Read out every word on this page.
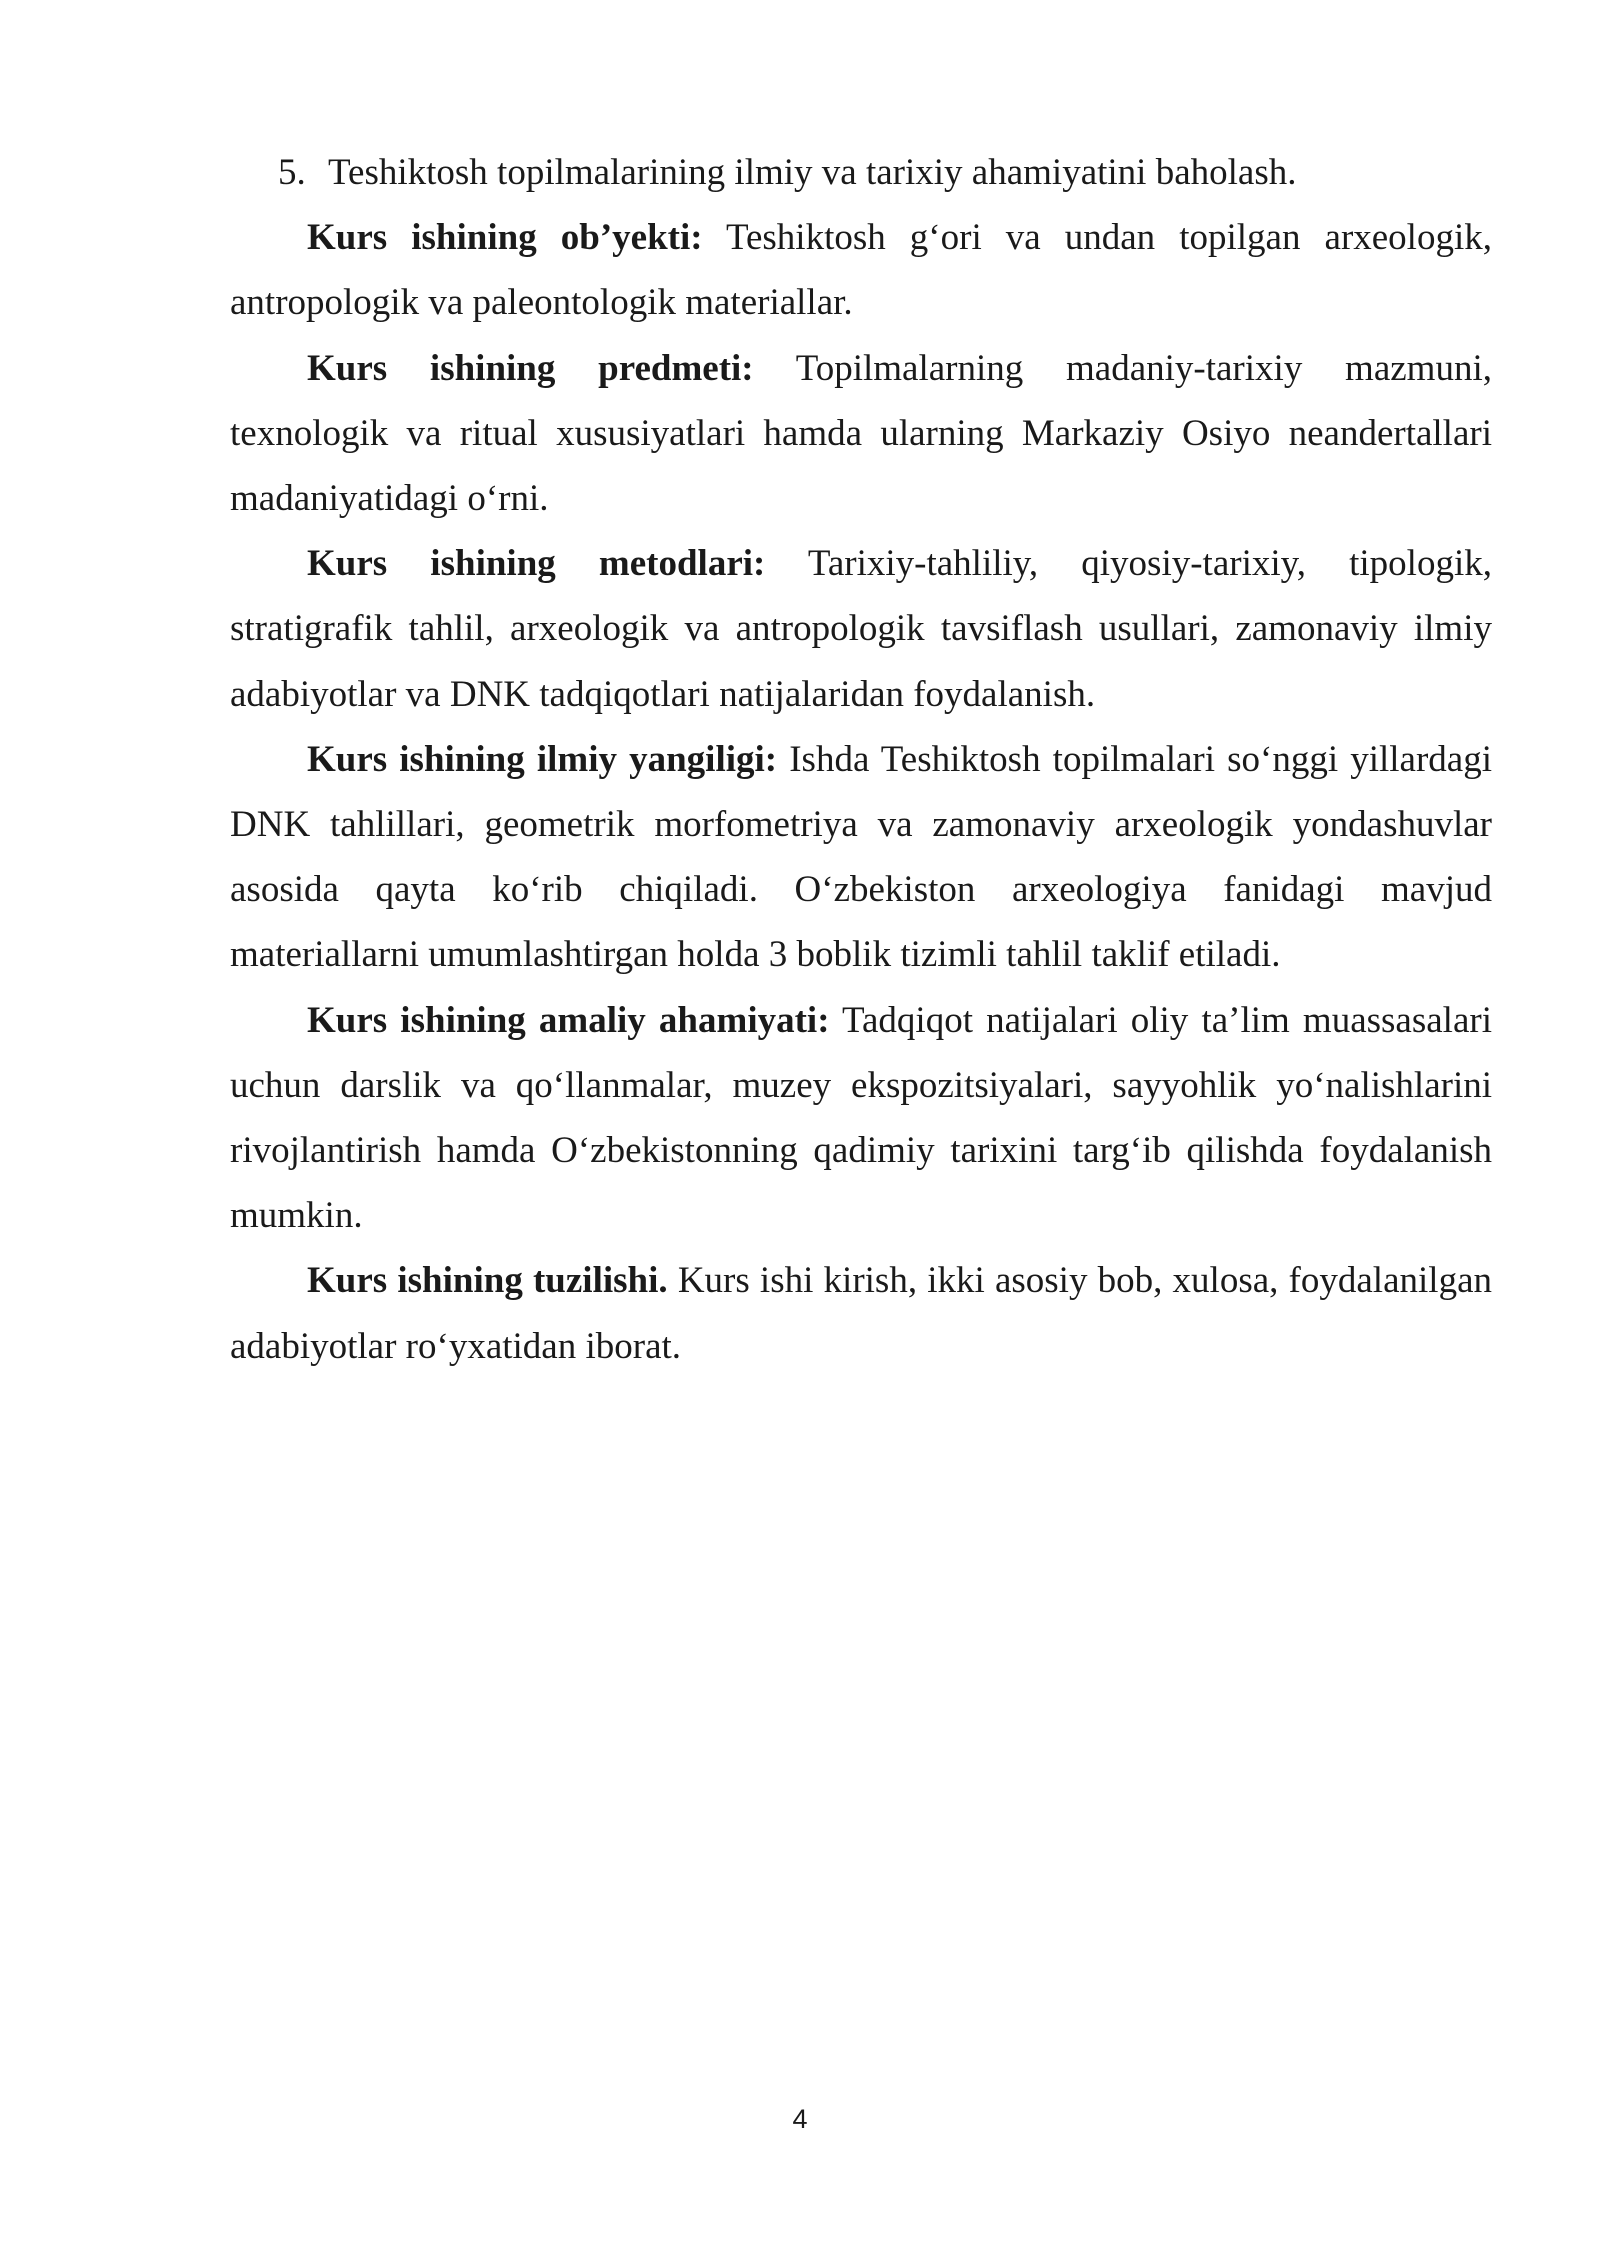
5. Teshiktosh topilmalarining ilmiy va tarixiy ahamiyatini baholash.

Kurs ishining ob’yekti: Teshiktosh g‘ori va undan topilgan arxeologik, antropologik va paleontologik materiallar.

Kurs ishining predmeti: Topilmalarning madaniy-tarixiy mazmuni, texnologik va ritual xususiyatlari hamda ularning Markaziy Osiyo neandertallari madaniyatidagi o‘rni.

Kurs ishining metodlari: Tarixiy-tahliliy, qiyosiy-tarixiy, tipologik, stratigrafik tahlil, arxeologik va antropologik tavsiflash usullari, zamonaviy ilmiy adabiyotlar va DNK tadqiqotlari natijalaridan foydalanish.

Kurs ishining ilmiy yangiligi: Ishda Teshiktosh topilmalari so‘nggi yillardagi DNK tahlillari, geometrik morfometriya va zamonaviy arxeologik yondashuvlar asosida qayta ko‘rib chiqiladi. O‘zbekiston arxeologiya fanidagi mavjud materiallarni umumlashtirgan holda 3 boblik tizimli tahlil taklif etiladi.

Kurs ishining amaliy ahamiyati: Tadqiqot natijalari oliy ta’lim muassasalari uchun darslik va qo‘llanmalar, muzey ekspozitsiyalari, sayyohlik yo‘nalishlarini rivojlantirish hamda O‘zbekistonning qadimiy tarixini targ‘ib qilishda foydalanish mumkin.

Kurs ishining tuzilishi. Kurs ishi kirish, ikki asosiy bob, xulosa, foydalanilgan adabiyotlar ro‘yxatidan iborat.

4
